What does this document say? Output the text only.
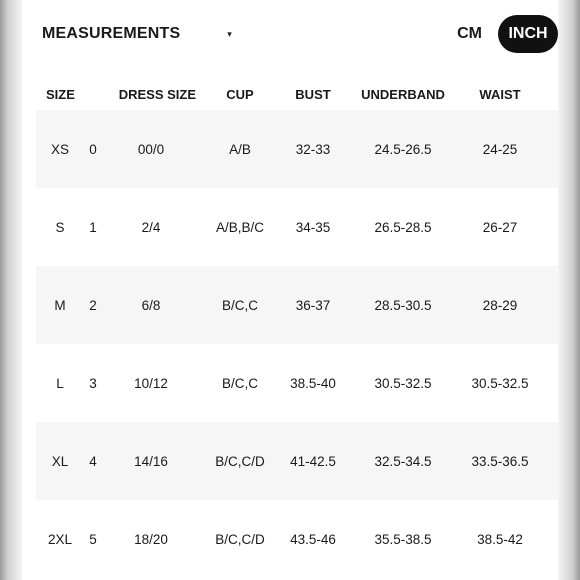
MEASUREMENTS	▾	CM	INCH
SIZE	DRESS SIZE	CUP	BUST	UNDERBAND	WAIST
XS	0	00/0	A/B	32-33	24.5-26.5	24-25
S	1	2/4	A/B,B/C	34-35	26.5-28.5	26-27
M	2	6/8	B/C,C	36-37	28.5-30.5	28-29
L	3	10/12	B/C,C	38.5-40	30.5-32.5	30.5-32.5
XL	4	14/16	B/C,C/D	41-42.5	32.5-34.5	33.5-36.5
2XL	5	18/20	B/C,C/D	43.5-46	35.5-38.5	38.5-42
